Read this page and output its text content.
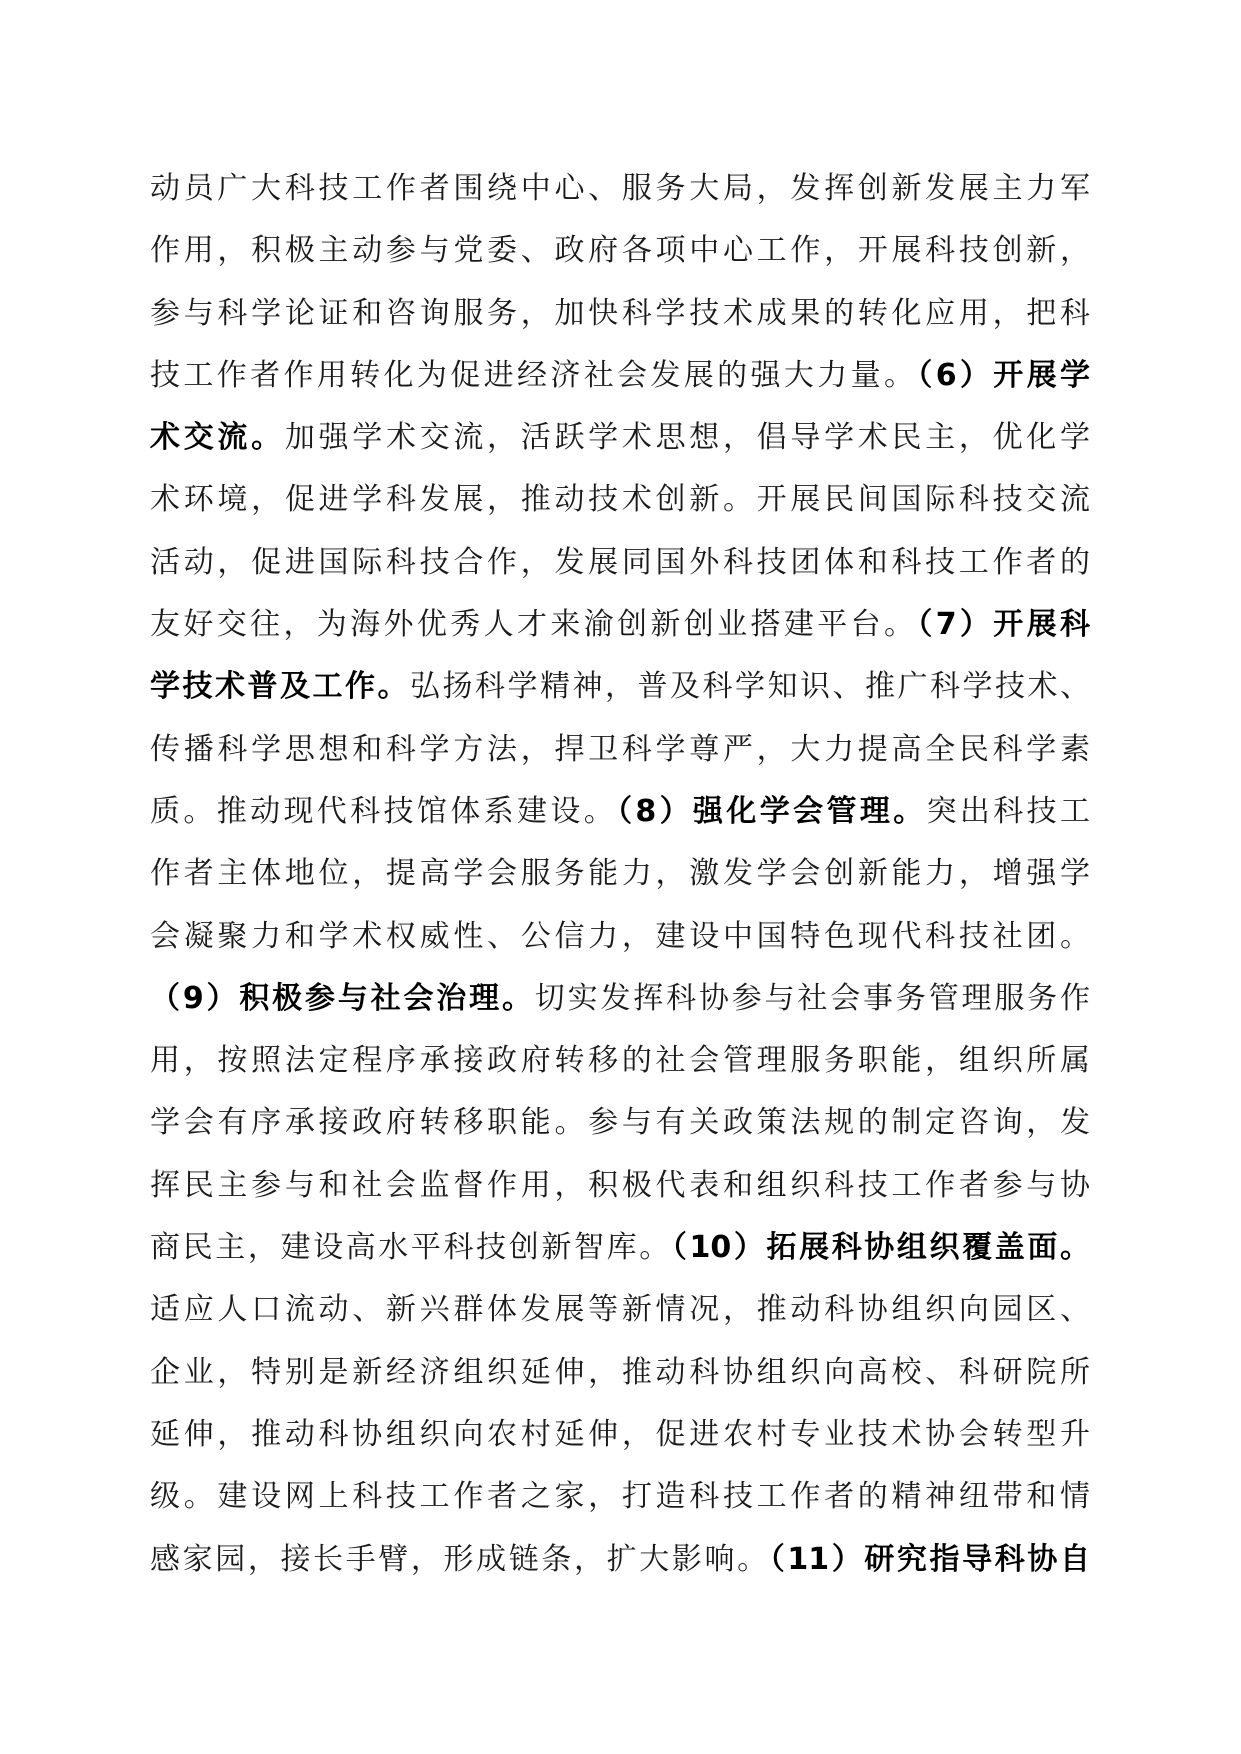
动员广大科技工作者围绕中心、服务大局，发挥创新发展主力军
作用，积极主动参与党委、政府各项中心工作，开展科技创新，
参与科学论证和咨询服务，加快科学技术成果的转化应用，把科
技工作者作用转化为促进经济社会发展的强大力量。（6）开展学
术交流。加强学术交流，活跃学术思想，倡导学术民主，优化学
术环境，促进学科发展，推动技术创新。开展民间国际科技交流
活动，促进国际科技合作，发展同国外科技团体和科技工作者的
友好交往，为海外优秀人才来渝创新创业搭建平台。（7）开展科
学技术普及工作。弘扬科学精神，普及科学知识、推广科学技术、
传播科学思想和科学方法，捍卫科学尊严，大力提高全民科学素
质。推动现代科技馆体系建设。（8）强化学会管理。突出科技工
作者主体地位，提高学会服务能力，激发学会创新能力，增强学
会凝聚力和学术权威性、公信力，建设中国特色现代科技社团。
（9）积极参与社会治理。切实发挥科协参与社会事务管理服务作
用，按照法定程序承接政府转移的社会管理服务职能，组织所属
学会有序承接政府转移职能。参与有关政策法规的制定咨询，发
挥民主参与和社会监督作用，积极代表和组织科技工作者参与协
商民主，建设高水平科技创新智库。（10）拓展科协组织覆盖面。
适应人口流动、新兴群体发展等新情况，推动科协组织向园区、
企业，特别是新经济组织延伸，推动科协组织向高校、科研院所
延伸，推动科协组织向农村延伸，促进农村专业技术协会转型升
级。建设网上科技工作者之家，打造科技工作者的精神纽带和情
感家园，接长手臂，形成链条，扩大影响。（11）研究指导科协自
